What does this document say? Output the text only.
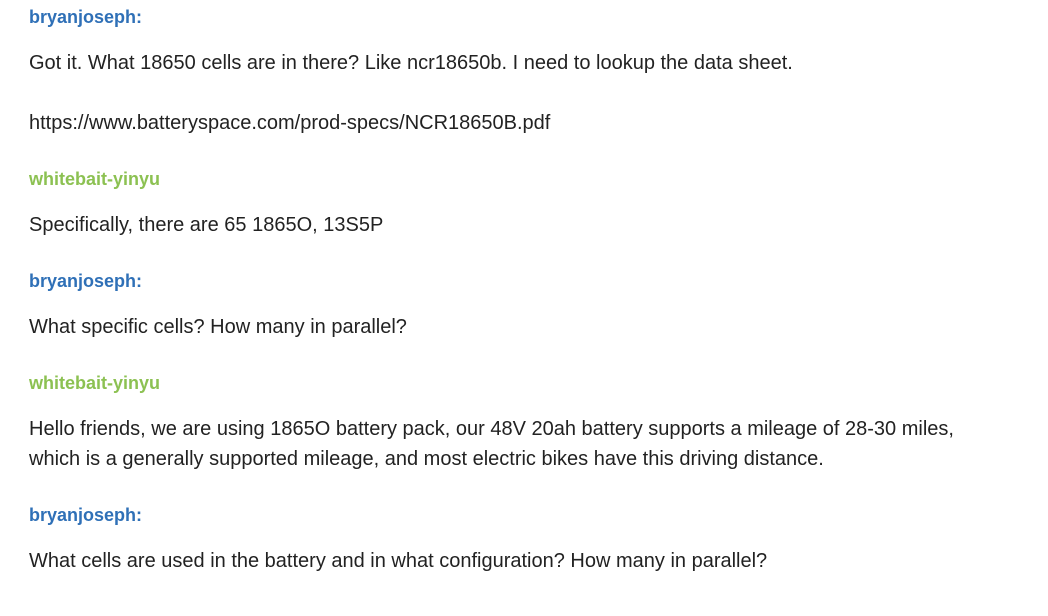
bryanjoseph:

Got it. What 18650 cells are in there? Like ncr18650b. I need to lookup the data sheet.

https://www.batteryspace.com/prod-specs/NCR18650B.pdf

whitebait-yinyu

Specifically, there are 65 1865O, 13S5P

bryanjoseph:

What specific cells? How many in parallel?

whitebait-yinyu

Hello friends, we are using 1865O battery pack, our 48V 20ah battery supports a mileage of 28-30 miles, which is a generally supported mileage, and most electric bikes have this driving distance.

bryanjoseph:

What cells are used in the battery and in what configuration? How many in parallel?
